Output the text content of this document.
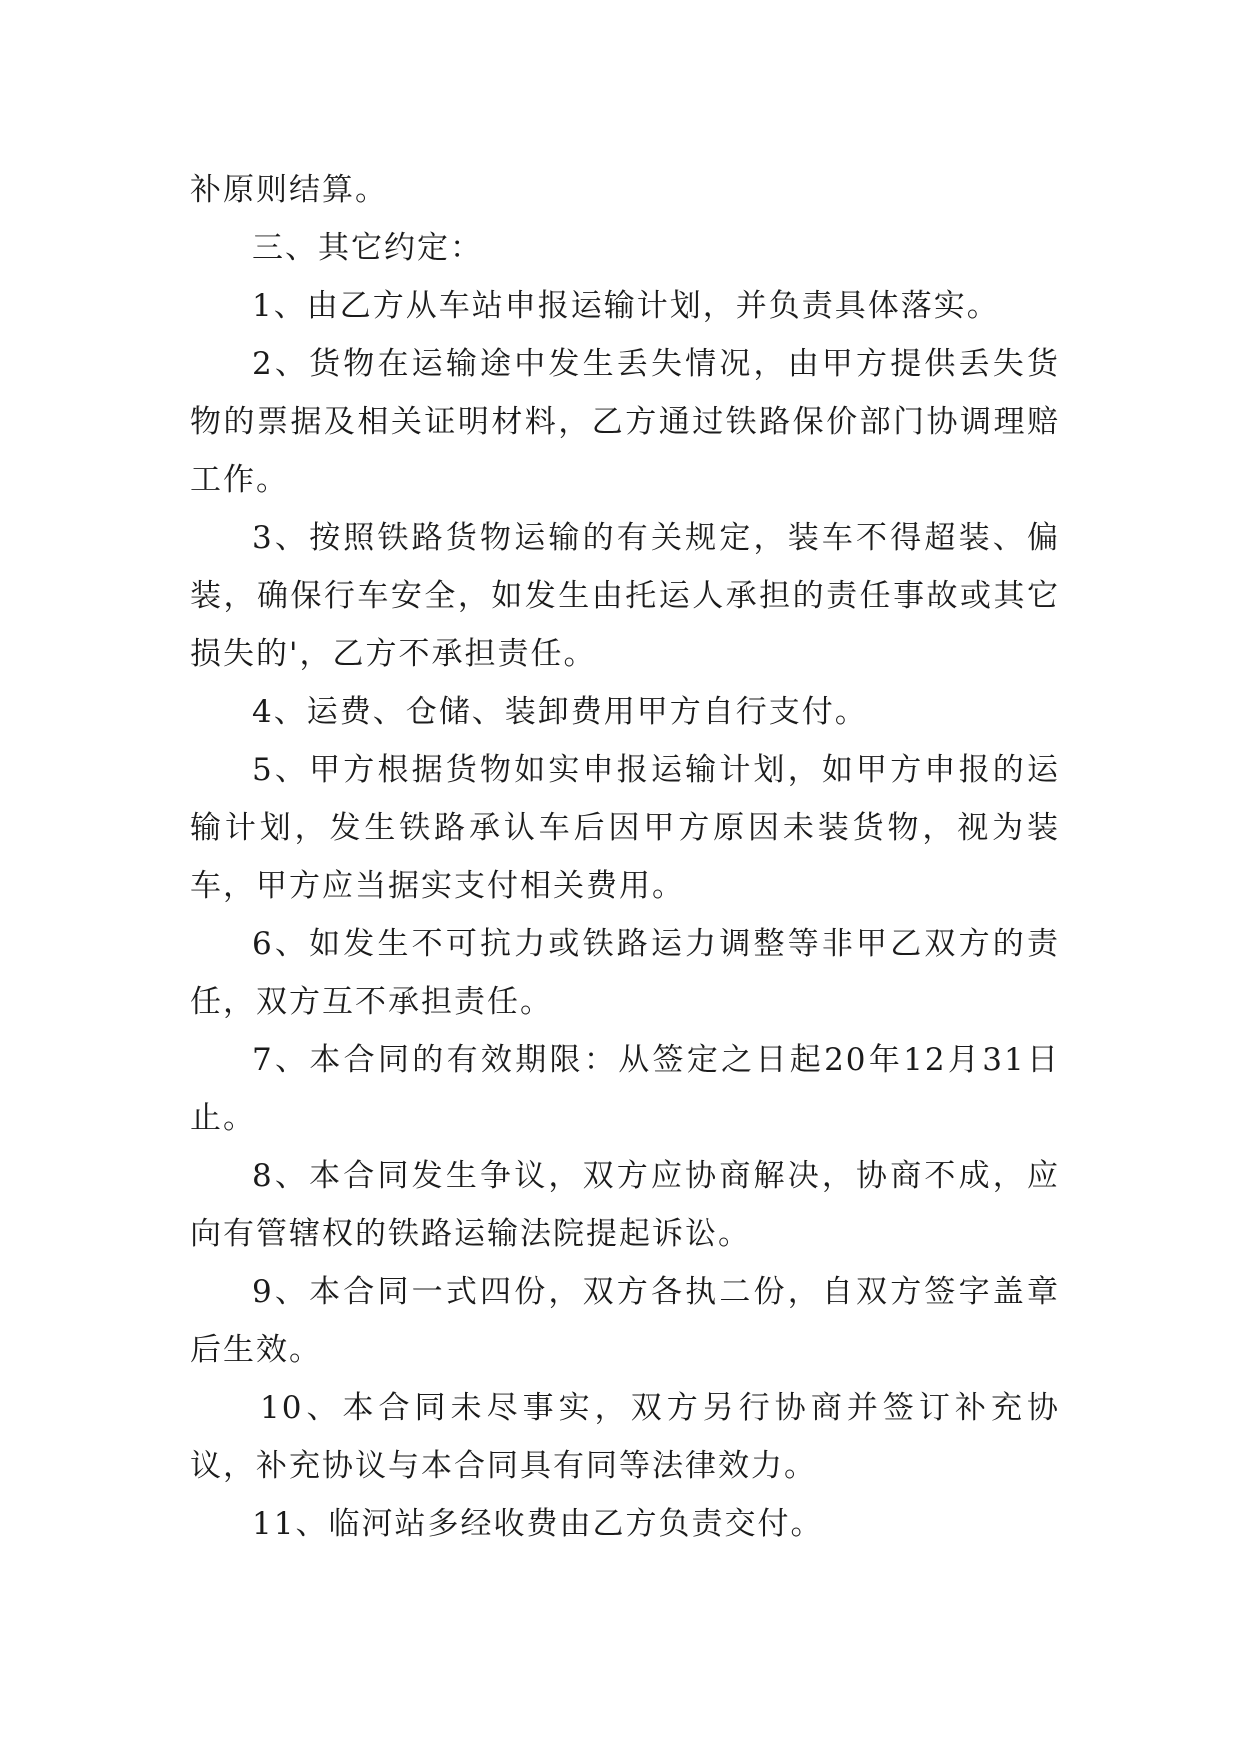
补原则结算。

三、其它约定：

1、由乙方从车站申报运输计划，并负责具体落实。

2、货物在运输途中发生丢失情况，由甲方提供丢失货物的票据及相关证明材料，乙方通过铁路保价部门协调理赔工作。

3、按照铁路货物运输的有关规定，装车不得超装、偏装，确保行车安全，如发生由托运人承担的责任事故或其它损失的'，乙方不承担责任。

4、运费、仓储、装卸费用甲方自行支付。

5、甲方根据货物如实申报运输计划，如甲方申报的运输计划，发生铁路承认车后因甲方原因未装货物，视为装车，甲方应当据实支付相关费用。

6、如发生不可抗力或铁路运力调整等非甲乙双方的责任，双方互不承担责任。

7、本合同的有效期限：从签定之日起20年12月31日止。

8、本合同发生争议，双方应协商解决，协商不成，应向有管辖权的铁路运输法院提起诉讼。

9、本合同一式四份，双方各执二份，自双方签字盖章后生效。

10、本合同未尽事实，双方另行协商并签订补充协议，补充协议与本合同具有同等法律效力。

11、临河站多经收费由乙方负责交付。
